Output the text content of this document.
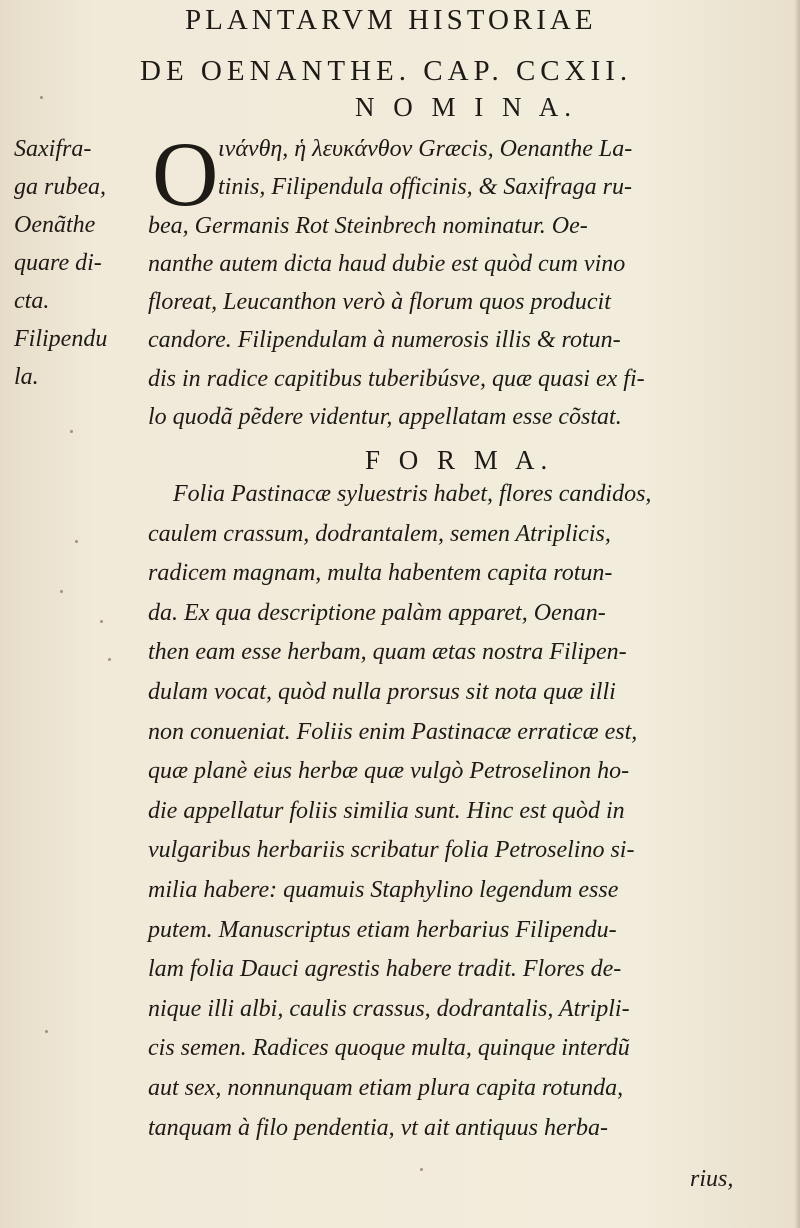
PLANTARVM HISTORIAE
DE OENANTHE. CAP. CCXII.
N O M I N A.
Saxifra-
ga rubea,
Oenãthe
quare di-
cta.
Filipendu
la.
O ινάνθη, ἡ λευκάνθον Græcis, Oenanthe La-
tinis, Filipendula officinis, & Saxifraga ru-
bea, Germanis Rot Steinbrech nominatur. Oe-
nanthe autem dicta haud dubie est quòd cum vino
floreat, Leucanthon verò à florum quos producit
candore. Filipendulam à numerosis illis & rotun-
dis in radice capitibus tuberibúsve, quæ quasi ex fi-
lo quodã pẽdere videntur, appellatam esse cõstat.
F O R M A.
Folia Pastinacæ syluestris habet, flores candidos,
caulem crassum, dodrantalem, semen Atriplicis,
radicem magnam, multa habentem capita rotun-
da. Ex qua descriptione palàm apparet, Oenan-
then eam esse herbam, quam ætas nostra Filipen-
dulam vocat, quòd nulla prorsus sit nota quæ illi
non conueniat. Foliis enim Pastinacæ erraticæ est,
quæ planè eius herbæ quæ vulgò Petroselinon ho-
die appellatur foliis similia sunt. Hinc est quòd in
vulgaribus herbariis scribatur folia Petroselino si-
milia habere: quamuis Staphylino legendum esse
putem. Manuscriptus etiam herbarius Filipendu-
lam folia Dauci agrestis habere tradit. Flores de-
nique illi albi, caulis crassus, dodrantalis, Atripli-
cis semen. Radices quoque multa, quinque interdũ
aut sex, nonnunquam etiam plura capita rotunda,
tanquam à filo pendentia, vt ait antiquus herba-
rius,
